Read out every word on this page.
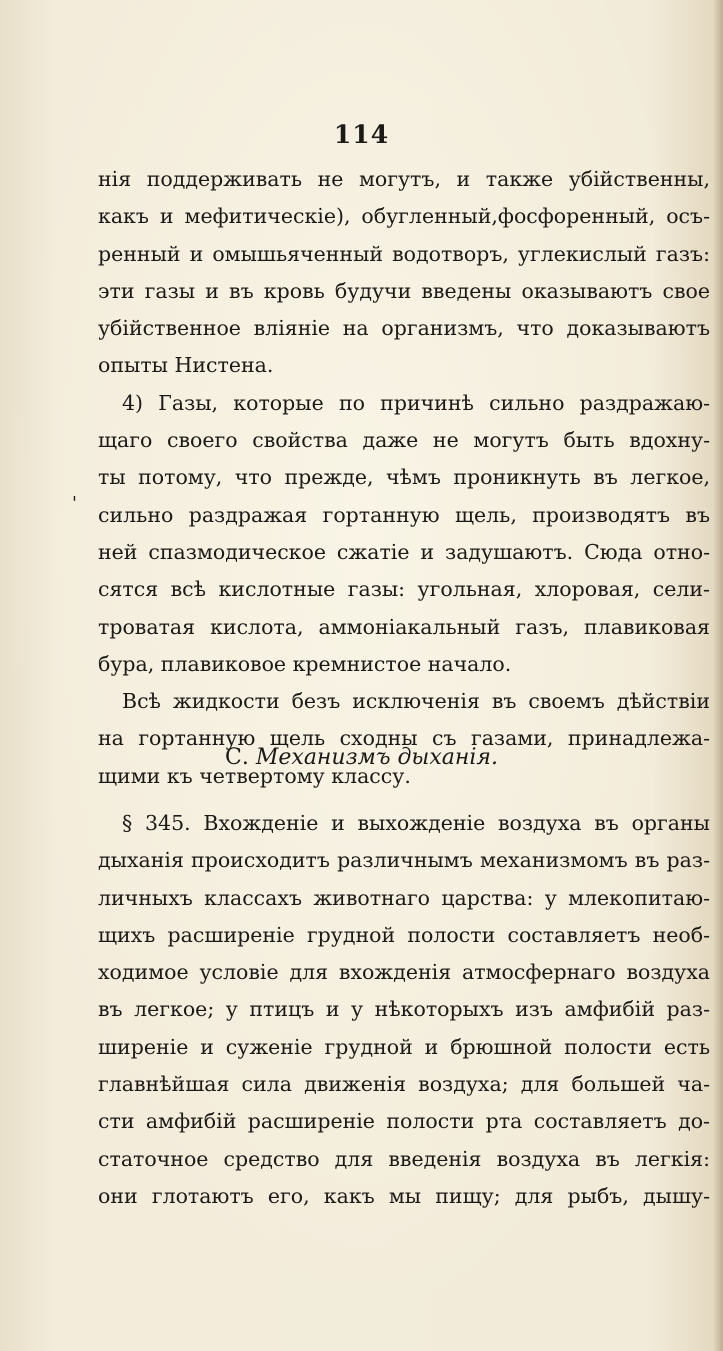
114
'
нія поддерживать не могутъ, и также убійственны,
какъ и мефитическіе), обугленный,фосфоренный, осъ-
ренный и омышьяченный водотворъ, углекислый газъ:
эти газы и въ кровь будучи введены оказываютъ свое
убійственное вліяніе на организмъ, что доказываютъ
опыты Нистена.
4) Газы, которые по причинѣ сильно раздражаю-
щаго своего свойства даже не могутъ быть вдохну-
ты потому, что прежде, чѣмъ проникнуть въ легкое,
сильно раздражая гортанную щель, производятъ въ
ней спазмодическое сжатіе и задушаютъ. Сюда отно-
сятся всѣ кислотные газы: угольная, хлоровая, сели-
троватая кислота, аммоніакальный газъ, плавиковая
бура, плавиковое кремнистое начало.
Всѣ жидкости безъ исключенія въ своемъ дѣйствіи
на гортанную щель сходны съ газами, принадлежа-
щими къ четвертому классу.
С. Механизмъ дыханія.
§ 345. Вхожденіе и выхожденіе воздуха въ органы
дыханія происходитъ различнымъ механизмомъ въ раз-
личныхъ классахъ животнаго царства: у млекопитаю-
щихъ расширеніе грудной полости составляетъ необ-
ходимое условіе для вхожденія атмосфернаго воздуха
въ легкое; у птицъ и у нѣкоторыхъ изъ амфибій раз-
ширеніе и суженіе грудной и брюшной полости есть
главнѣйшая сила движенія воздуха; для большей ча-
сти амфибій расширеніе полости рта составляетъ до-
статочное средство для введенія воздуха въ легкія:
они глотаютъ его, какъ мы пищу; для рыбъ, дышу-
